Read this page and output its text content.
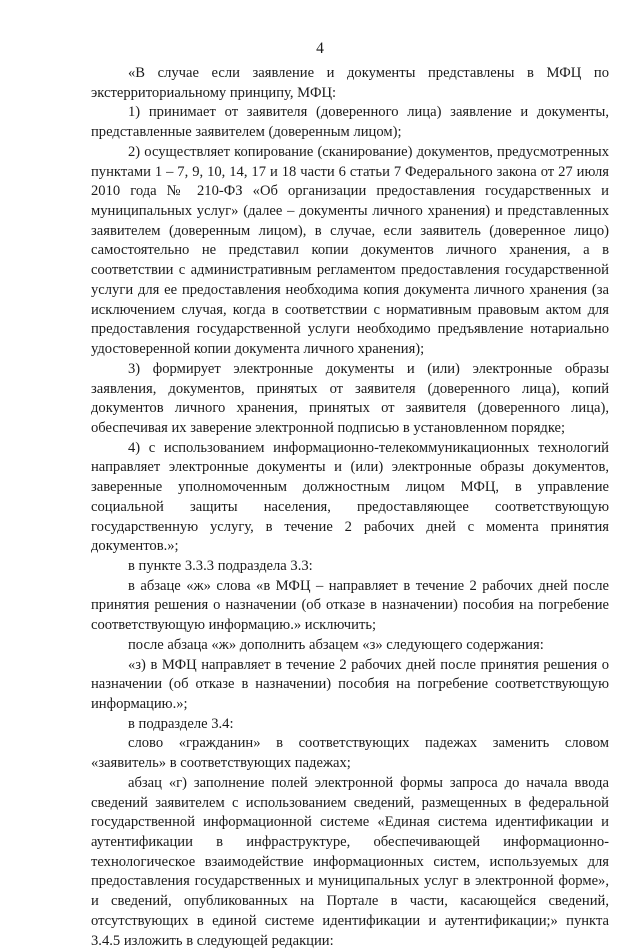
4

«В случае если заявление и документы представлены в МФЦ по экстерриториальному принципу, МФЦ:

1) принимает от заявителя (доверенного лица) заявление и документы, представленные заявителем (доверенным лицом);

2) осуществляет копирование (сканирование) документов, предусмотренных пунктами 1 – 7, 9, 10, 14, 17 и 18 части 6 статьи 7 Федерального закона от 27 июля 2010 года № 210-ФЗ «Об организации предоставления государственных и муниципальных услуг» (далее – документы личного хранения) и представленных заявителем (доверенным лицом), в случае, если заявитель (доверенное лицо) самостоятельно не представил копии документов личного хранения, а в соответствии с административным регламентом предоставления государственной услуги для ее предоставления необходима копия документа личного хранения (за исключением случая, когда в соответствии с нормативным правовым актом для предоставления государственной услуги необходимо предъявление нотариально удостоверенной копии документа личного хранения);

3) формирует электронные документы и (или) электронные образы заявления, документов, принятых от заявителя (доверенного лица), копий документов личного хранения, принятых от заявителя (доверенного лица), обеспечивая их заверение электронной подписью в установленном порядке;

4) с использованием информационно-телекоммуникационных технологий направляет электронные документы и (или) электронные образы документов, заверенные уполномоченным должностным лицом МФЦ, в управление социальной защиты населения, предоставляющее соответствующую государственную услугу, в течение 2 рабочих дней с момента принятия документов.»;

в пункте 3.3.3 подраздела 3.3:

в абзаце «ж» слова «в МФЦ – направляет в течение 2 рабочих дней после принятия решения о назначении (об отказе в назначении) пособия на погребение соответствующую информацию.» исключить;

после абзаца «ж» дополнить абзацем «з» следующего содержания:

«з) в МФЦ направляет в течение 2 рабочих дней после принятия решения о назначении (об отказе в назначении) пособия на погребение соответствующую информацию.»;

в подразделе 3.4:

слово «гражданин» в соответствующих падежах заменить словом «заявитель» в соответствующих падежах;

абзац «г) заполнение полей электронной формы запроса до начала ввода сведений заявителем с использованием сведений, размещенных в федеральной государственной информационной системе «Единая система идентификации и аутентификации в инфраструктуре, обеспечивающей информационно-технологическое взаимодействие информационных систем, используемых для предоставления государственных и муниципальных услуг в электронной форме», и сведений, опубликованных на Портале в части, касающейся сведений, отсутствующих в единой системе идентификации и аутентификации;» пункта 3.4.5 изложить в следующей редакции:
